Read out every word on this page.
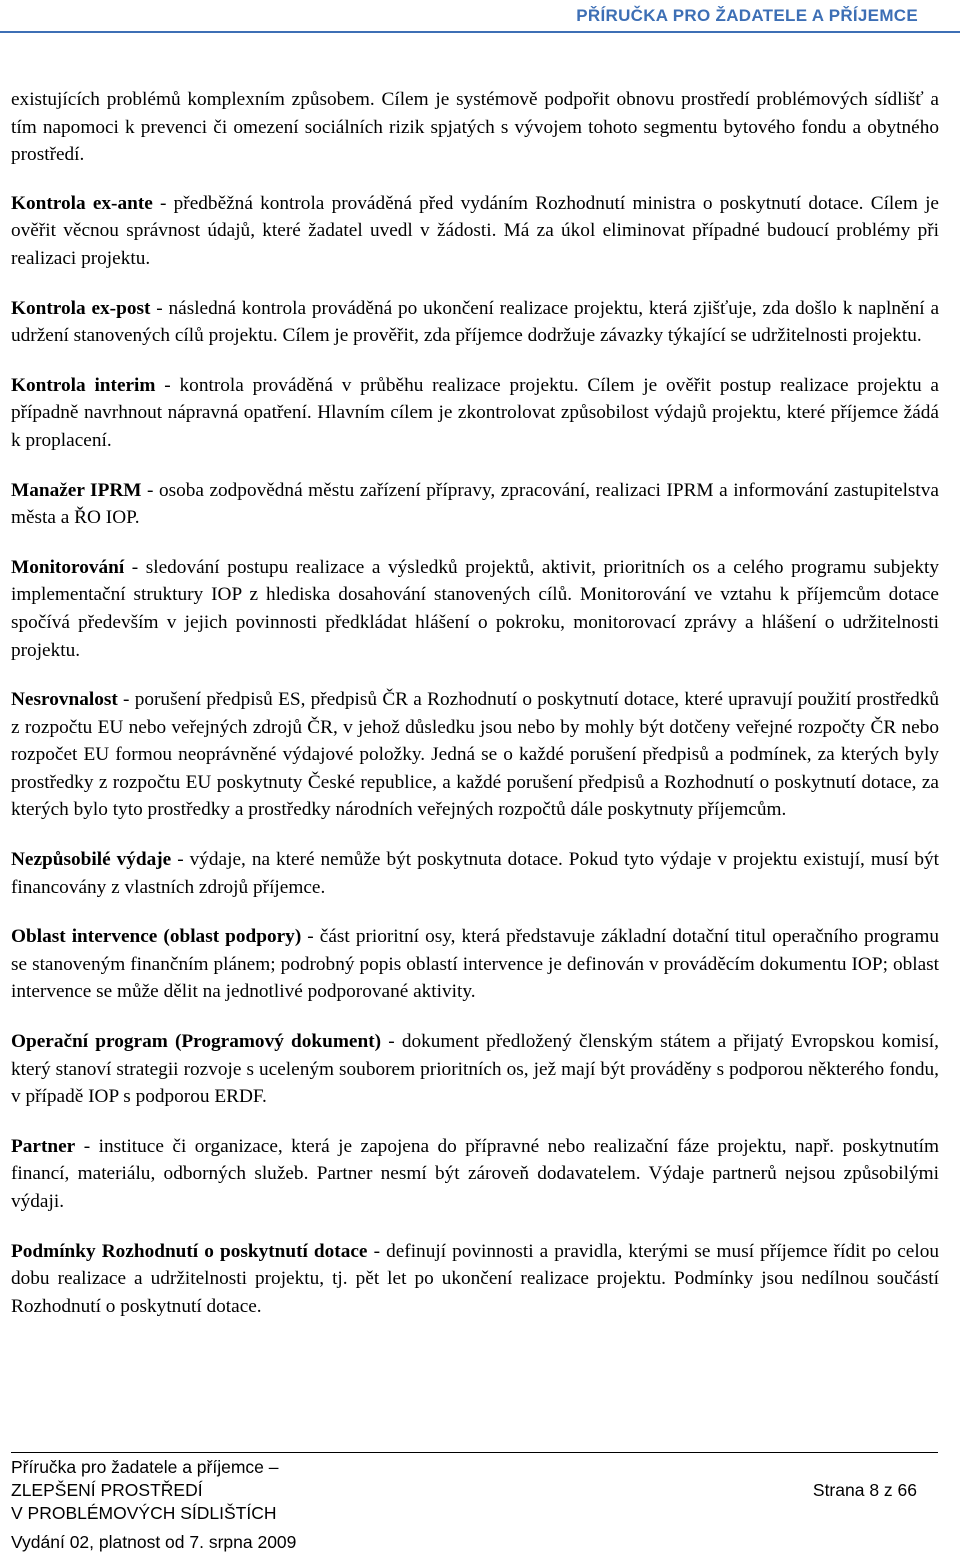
PŘÍRUČKA PRO ŽADATELE A PŘÍJEMCE

existujících problémů komplexním způsobem. Cílem je systémově podpořit obnovu prostředí problémových sídlišť a tím napomoci k prevenci či omezení sociálních rizik spjatých s vývojem tohoto segmentu bytového fondu a obytného prostředí.

Kontrola ex-ante - předběžná kontrola prováděná před vydáním Rozhodnutí ministra o poskytnutí dotace. Cílem je ověřit věcnou správnost údajů, které žadatel uvedl v žádosti. Má za úkol eliminovat případné budoucí problémy při realizaci projektu.

Kontrola ex-post - následná kontrola prováděná po ukončení realizace projektu, která zjišťuje, zda došlo k naplnění a udržení stanovených cílů projektu. Cílem je prověřit, zda příjemce dodržuje závazky týkající se udržitelnosti projektu.

Kontrola interim - kontrola prováděná v průběhu realizace projektu. Cílem je ověřit postup realizace projektu a případně navrhnout nápravná opatření. Hlavním cílem je zkontrolovat způsobilost výdajů projektu, které příjemce žádá k proplacení.

Manažer IPRM - osoba zodpovědná městu zařízení přípravy, zpracování, realizaci IPRM a informování zastupitelstva města a ŘO IOP.

Monitorování - sledování postupu realizace a výsledků projektů, aktivit, prioritních os a celého programu subjekty implementační struktury IOP z hlediska dosahování stanovených cílů. Monitorování ve vztahu k příjemcům dotace spočívá především v jejich povinnosti předkládat hlášení o pokroku, monitorovací zprávy a hlášení o udržitelnosti projektu.

Nesrovnalost - porušení předpisů ES, předpisů ČR a Rozhodnutí o poskytnutí dotace, které upravují použití prostředků z rozpočtu EU nebo veřejných zdrojů ČR, v jehož důsledku jsou nebo by mohly být dotčeny veřejné rozpočty ČR nebo rozpočet EU formou neoprávněné výdajové položky. Jedná se o každé porušení předpisů a podmínek, za kterých byly prostředky z rozpočtu EU poskytnuty České republice, a každé porušení předpisů a Rozhodnutí o poskytnutí dotace, za kterých bylo tyto prostředky a prostředky národních veřejných rozpočtů dále poskytnuty příjemcům.

Nezpůsobilé výdaje - výdaje, na které nemůže být poskytnuta dotace. Pokud tyto výdaje v projektu existují, musí být financovány z vlastních zdrojů příjemce.

Oblast intervence (oblast podpory) - část prioritní osy, která představuje základní dotační titul operačního programu se stanoveným finančním plánem; podrobný popis oblastí intervence je definován v prováděcím dokumentu IOP; oblast intervence se může dělit na jednotlivé podporované aktivity.

Operační program (Programový dokument) - dokument předložený členským státem a přijatý Evropskou komisí, který stanoví strategii rozvoje s uceleným souborem prioritních os, jež mají být prováděny s podporou některého fondu, v případě IOP s podporou ERDF.

Partner - instituce či organizace, která je zapojena do přípravné nebo realizační fáze projektu, např. poskytnutím financí, materiálu, odborných služeb. Partner nesmí být zároveň dodavatelem. Výdaje partnerů nejsou způsobilými výdaji.

Podmínky Rozhodnutí o poskytnutí dotace - definují povinnosti a pravidla, kterými se musí příjemce řídit po celou dobu realizace a udržitelnosti projektu, tj. pět let po ukončení realizace projektu. Podmínky jsou nedílnou součástí Rozhodnutí o poskytnutí dotace.

Příručka pro žadatele a příjemce –
ZLEPŠENÍ PROSTŘEDÍ
V PROBLÉMOVÝCH SÍDLIŠTÍCH
Vydání 02, platnost od 7. srpna 2009
Strana 8 z 66
